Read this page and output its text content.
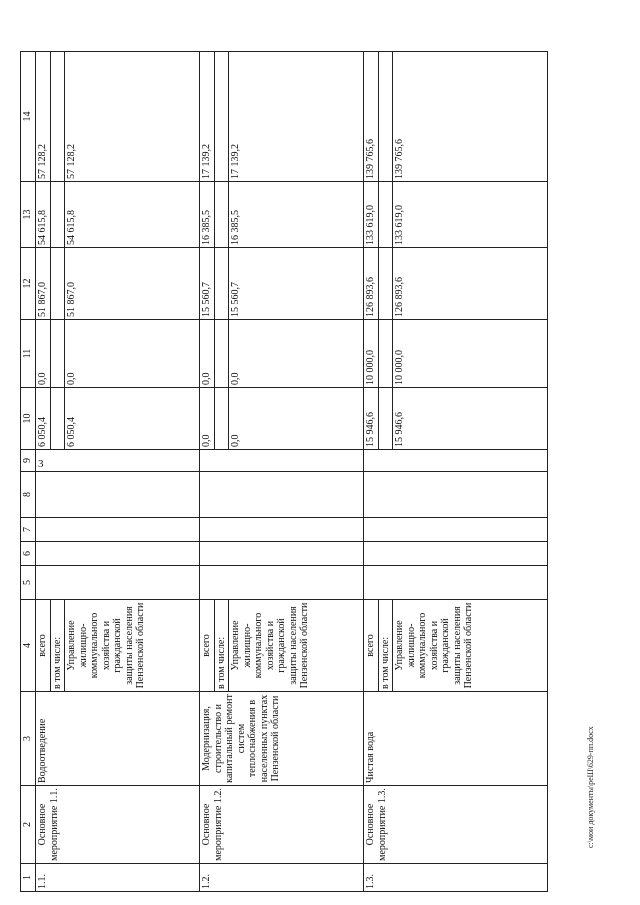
3
1	2	3	4	5	6	7	8	9	10	11	12	13	14
1.1.	Основное мероприятие 1.1.	Водоотведение	всего						6 050,4	0,0	51 867,0	54 615,8	57 128,2
			в том числе:										
			Управление жилищно-коммунального хозяйства и гражданской защиты населения Пензенской области						6 050,4	0,0	51 867,0	54 615,8	57 128,2
1.2.	Основное мероприятие 1.2.	Модернизация, строительство и капитальный ремонт систем теплоснабжения в населенных пунктах Пензенской области	всего						0,0	0,0	15 560,7	16 385,5	17 139,2
			в том числе:										
			Управление жилищно-коммунального хозяйства и гражданской защиты населения Пензенской области						0,0	0,0	15 560,7	16 385,5	17 139,2
1.3.	Основное мероприятие 1.3.	Чистая вода	всего						15 946,6	10 000,0	126 893,6	133 619,0	139 765,6
			в том числе:										
			Управление жилищно-коммунального хозяйства и гражданской защиты населения Пензенской области						15 946,6	10 000,0	126 893,6	133 619,0	139 765,6
с:\мои документы\реШ\629-пп.docx
